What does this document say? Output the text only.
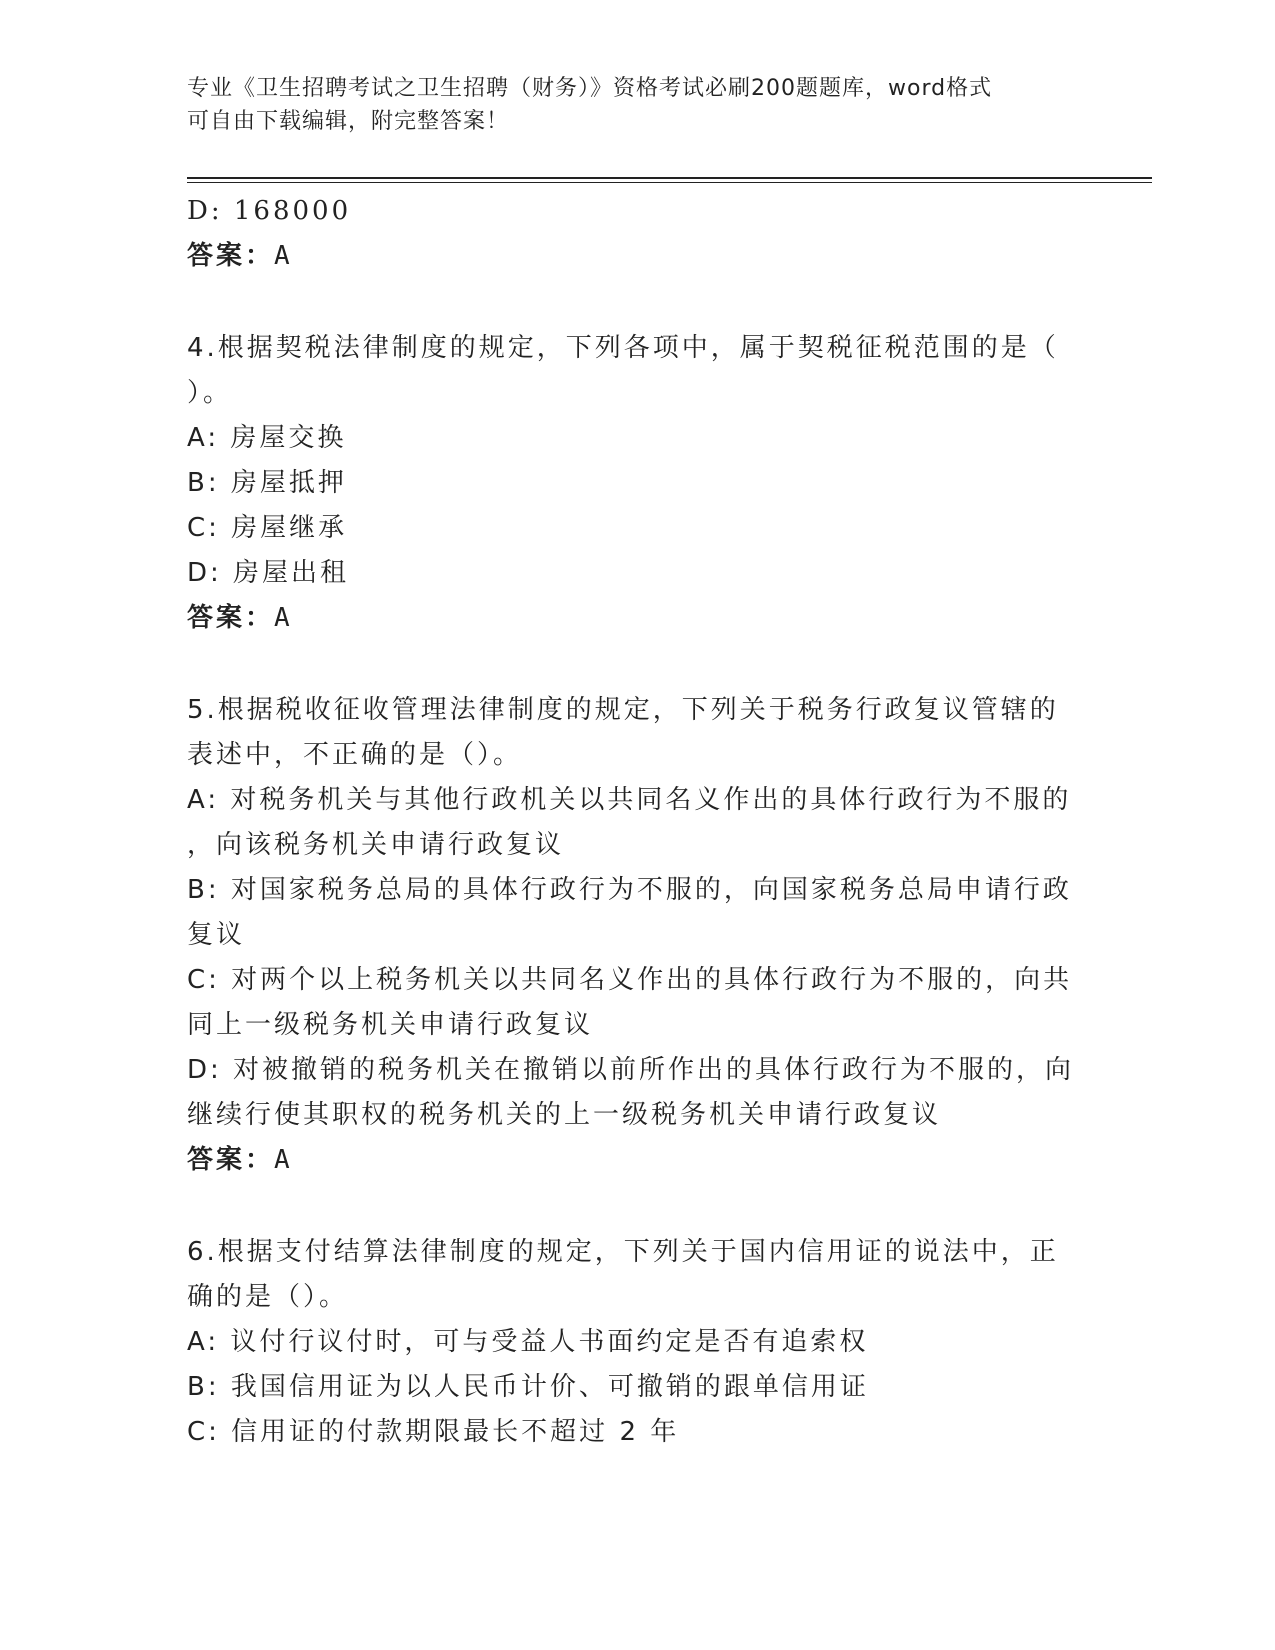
专业《卫生招聘考试之卫生招聘（财务）》资格考试必刷200题题库，word格式
可自由下载编辑，附完整答案！
D: 168000
答案：A
4.根据契税法律制度的规定，下列各项中，属于契税征税范围的是（
）。
A: 房屋交换
B: 房屋抵押
C: 房屋继承
D: 房屋出租
答案：A
5.根据税收征收管理法律制度的规定，下列关于税务行政复议管辖的
表述中，不正确的是（）。
A: 对税务机关与其他行政机关以共同名义作出的具体行政行为不服的
，向该税务机关申请行政复议
B: 对国家税务总局的具体行政行为不服的，向国家税务总局申请行政
复议
C: 对两个以上税务机关以共同名义作出的具体行政行为不服的，向共
同上一级税务机关申请行政复议
D: 对被撤销的税务机关在撤销以前所作出的具体行政行为不服的，向
继续行使其职权的税务机关的上一级税务机关申请行政复议
答案：A
6.根据支付结算法律制度的规定，下列关于国内信用证的说法中，正
确的是（）。
A: 议付行议付时，可与受益人书面约定是否有追索权
B: 我国信用证为以人民币计价、可撤销的跟单信用证
C: 信用证的付款期限最长不超过 2 年
